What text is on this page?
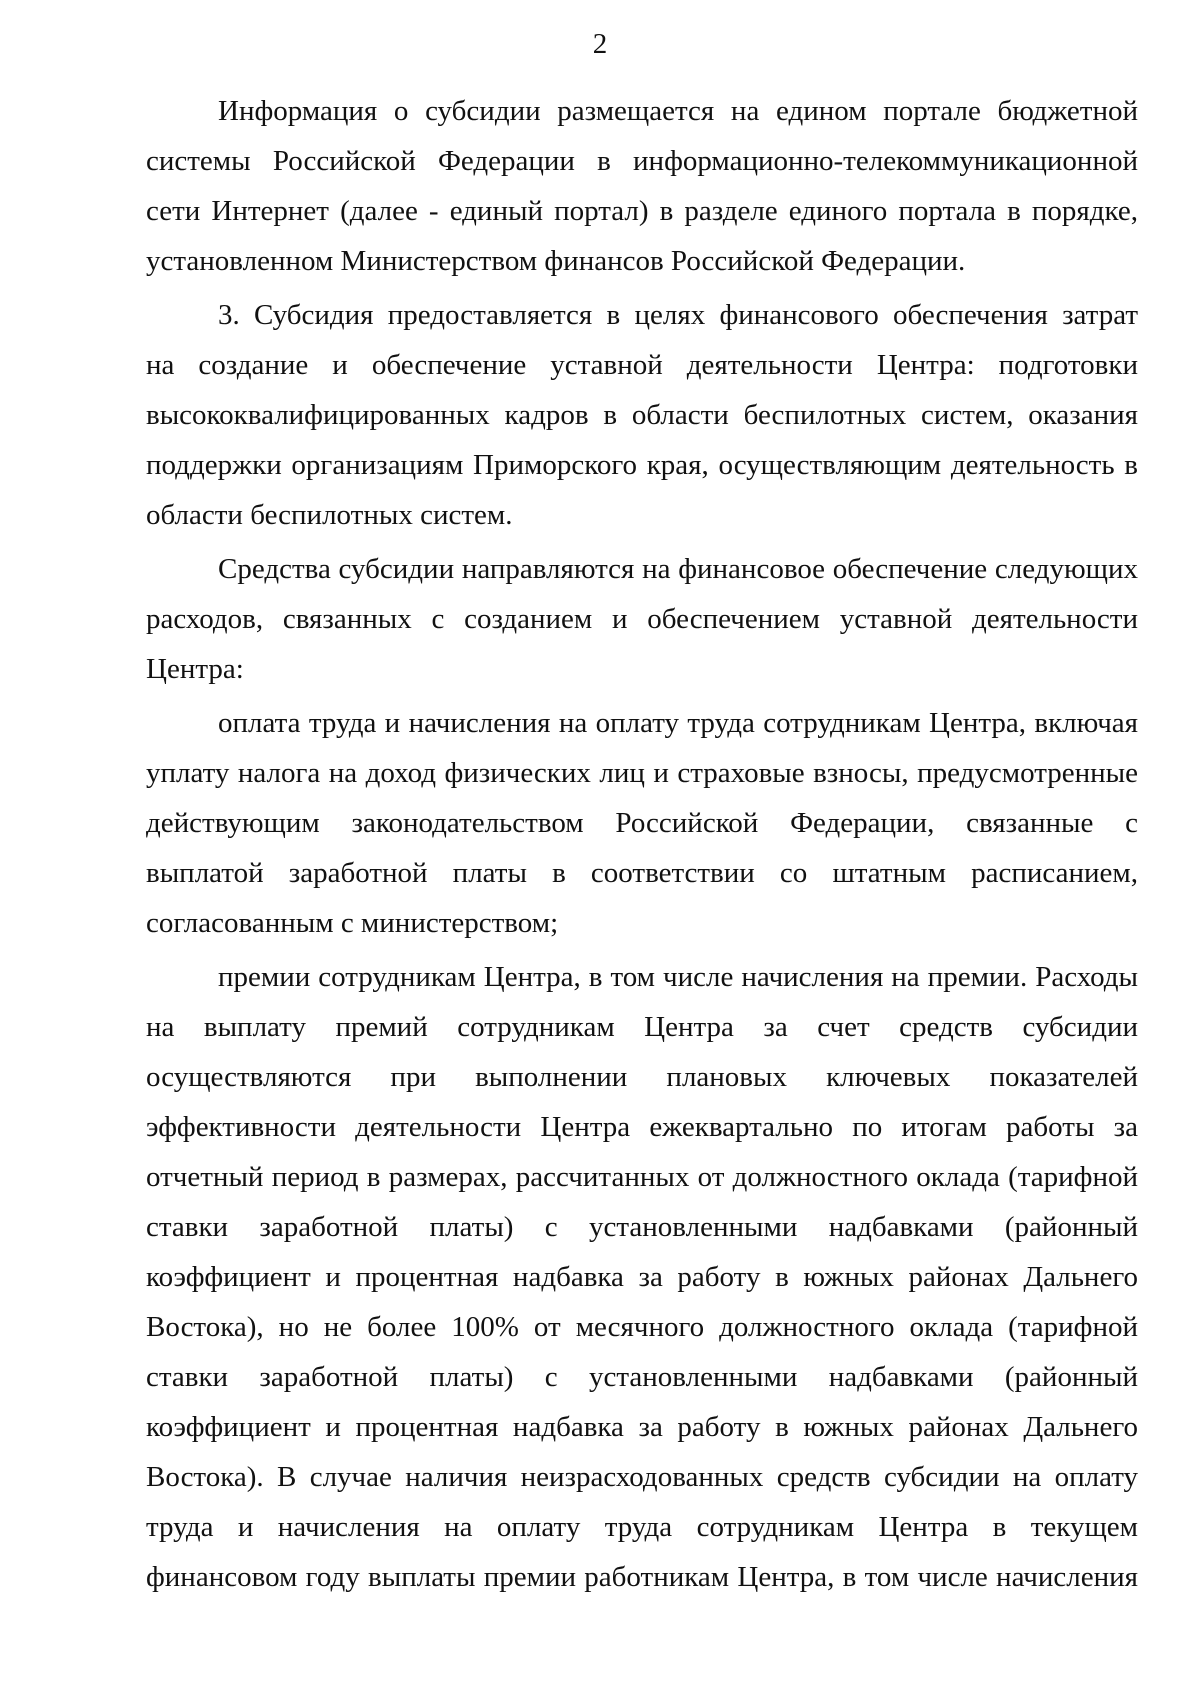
2

Информация о субсидии размещается на едином портале бюджетной
системы Российской Федерации в информационно-телекоммуникационной
сети Интернет (далее - единый портал) в разделе единого портала в порядке,
установленном Министерством финансов Российской Федерации.

3. Субсидия предоставляется в целях финансового обеспечения затрат
на создание и обеспечение уставной деятельности Центра: подготовки
высококвалифицированных кадров в области беспилотных систем, оказания
поддержки организациям Приморского края, осуществляющим деятельность в
области беспилотных систем.

Средства субсидии направляются на финансовое обеспечение следующих
расходов, связанных с созданием и обеспечением уставной деятельности
Центра:

оплата труда и начисления на оплату труда сотрудникам Центра, включая
уплату налога на доход физических лиц и страховые взносы, предусмотренные
действующим законодательством Российской Федерации, связанные с
выплатой заработной платы в соответствии со штатным расписанием,
согласованным с министерством;

премии сотрудникам Центра, в том числе начисления на премии. Расходы
на выплату премий сотрудникам Центра за счет средств субсидии
осуществляются при выполнении плановых ключевых показателей
эффективности деятельности Центра ежеквартально по итогам работы за
отчетный период в размерах, рассчитанных от должностного оклада (тарифной
ставки заработной платы) с установленными надбавками (районный
коэффициент и процентная надбавка за работу в южных районах Дальнего
Востока), но не более 100% от месячного должностного оклада (тарифной
ставки заработной платы) с установленными надбавками (районный
коэффициент и процентная надбавка за работу в южных районах Дальнего
Востока). В случае наличия неизрасходованных средств субсидии на оплату
труда и начисления на оплату труда сотрудникам Центра в текущем
финансовом году выплаты премии работникам Центра, в том числе начисления
